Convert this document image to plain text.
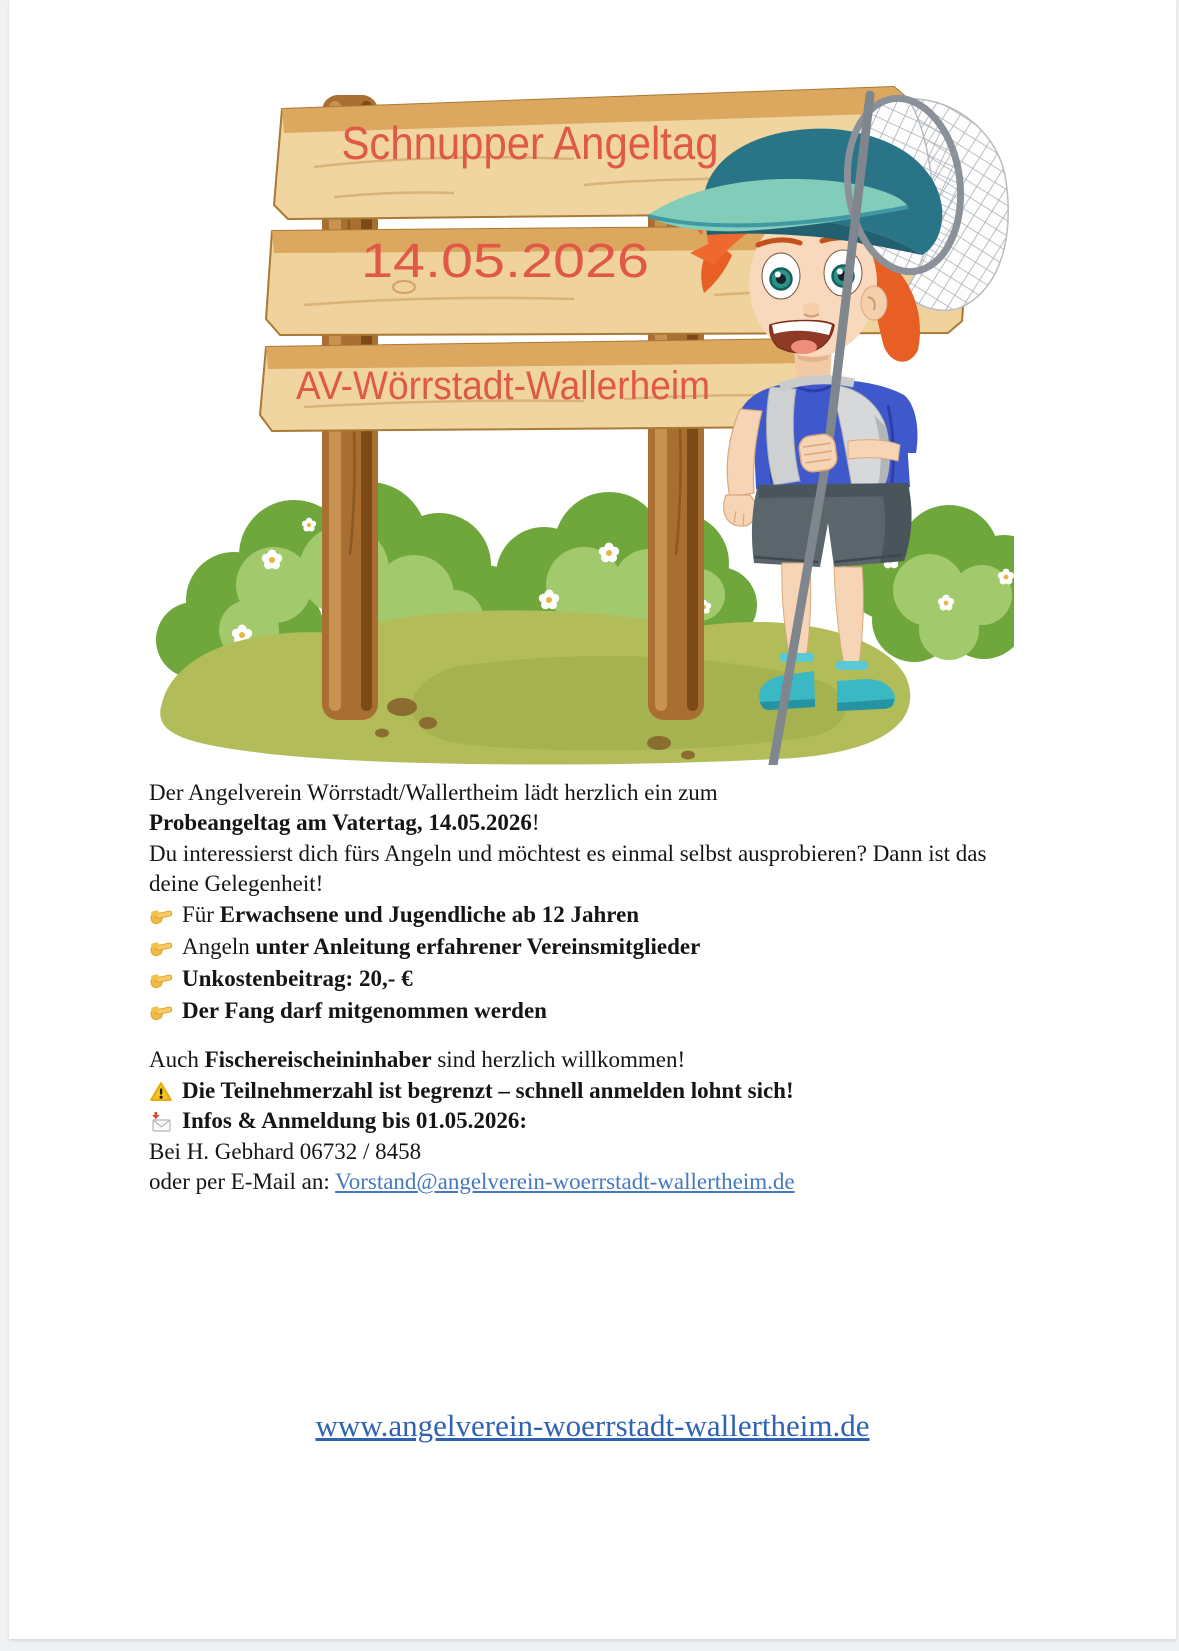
Schnupper Angeltag
14.05.2026
AV-Wörrstadt-Wallerheim

Der Angelverein Wörrstadt/Wallertheim lädt herzlich ein zum

Probeangeltag am Vatertag, 14.05.2026!

Du interessierst dich fürs Angeln und möchtest es einmal selbst ausprobieren? Dann ist das
deine Gelegenheit!

Für Erwachsene und Jugendliche ab 12 Jahren
Angeln unter Anleitung erfahrener Vereinsmitglieder
Unkostenbeitrag: 20,- €
Der Fang darf mitgenommen werden

Auch Fischereischeininhaber sind herzlich willkommen!

Die Teilnehmerzahl ist begrenzt – schnell anmelden lohnt sich!

Infos & Anmeldung bis 01.05.2026:

Bei H. Gebhard 06732 / 8458

oder per E-Mail an: Vorstand@angelverein-woerrstadt-wallertheim.de

www.angelverein-woerrstadt-wallertheim.de
